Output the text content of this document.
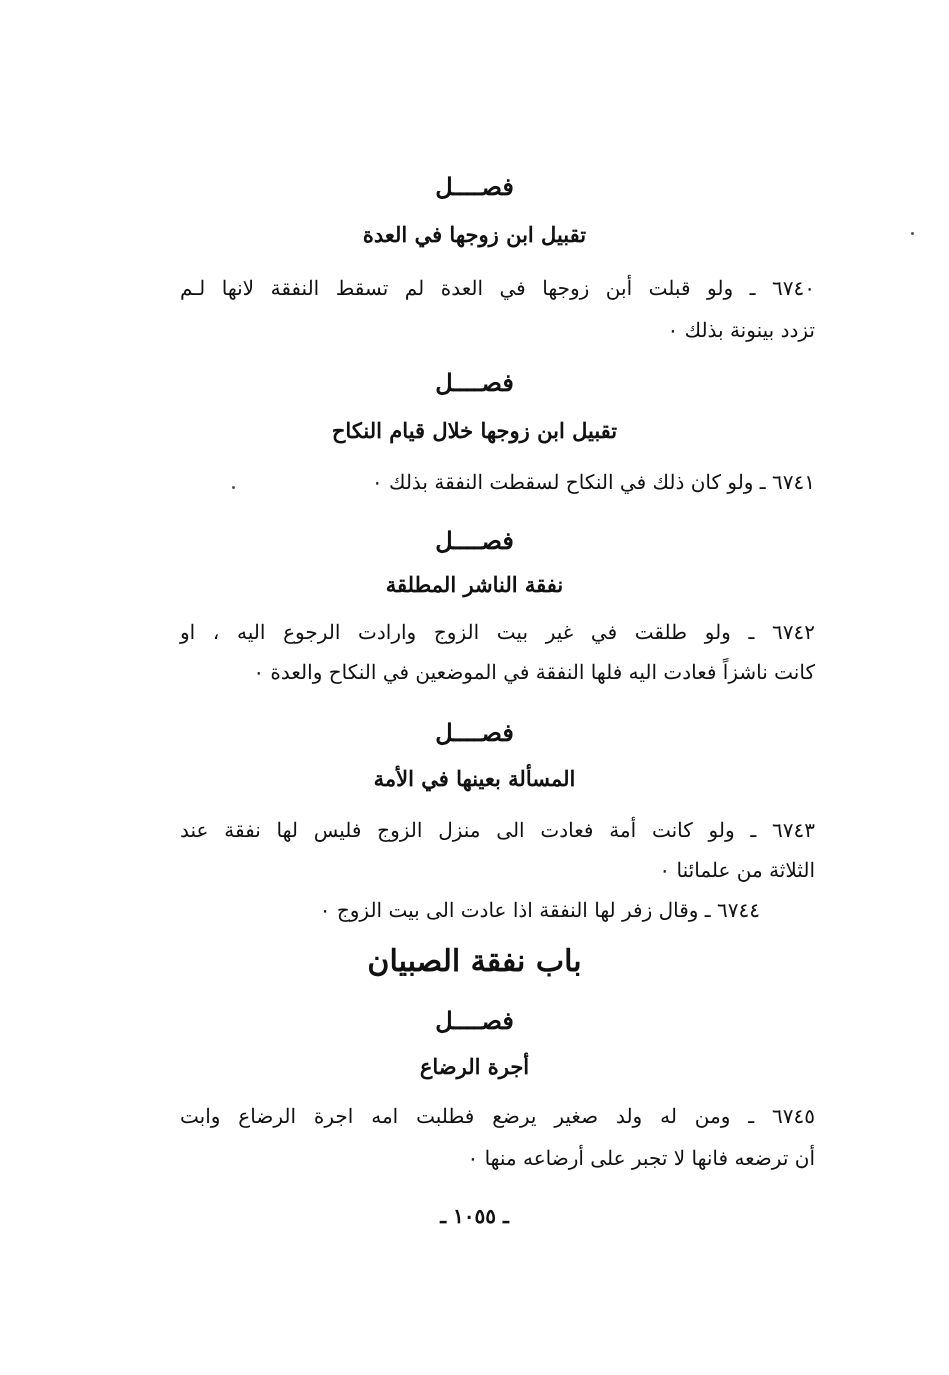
فصــــل
تقبيل ابن زوجها في العدة
٦٧٤٠ ـ ولو قبلت أبن زوجها في العدة لم تسقط النفقة لانها لـم
تزدد بينونة بذلك ٠
فصــــل
تقبيل ابن زوجها خلال قيام النكاح
٦٧٤١ ـ ولو كان ذلك في النكاح لسقطت النفقة بذلك ٠
فصــــل
نفقة الناشر المطلقة
٦٧٤٢ ـ ولو طلقت في غير بيت الزوج وارادت الرجوع اليه ، او
كانت ناشزاً فعادت اليه فلها النفقة في الموضعين في النكاح والعدة ٠
فصــــل
المسألة بعينها في الأمة
٦٧٤٣ ـ ولو كانت أمة فعادت الى منزل الزوج فليس لها نفقة عند
الثلاثة من علمائنا ٠
٦٧٤٤ ـ وقال زفر لها النفقة اذا عادت الى بيت الزوج ٠
باب نفقة الصبيان
فصــــل
أجرة الرضاع
٦٧٤٥ ـ ومن له ولد صغير يرضع فطلبت امه اجرة الرضاع وابت
أن ترضعه فانها لا تجبر على أرضاعه منها ٠
ـ ١٠٥٥ ـ
